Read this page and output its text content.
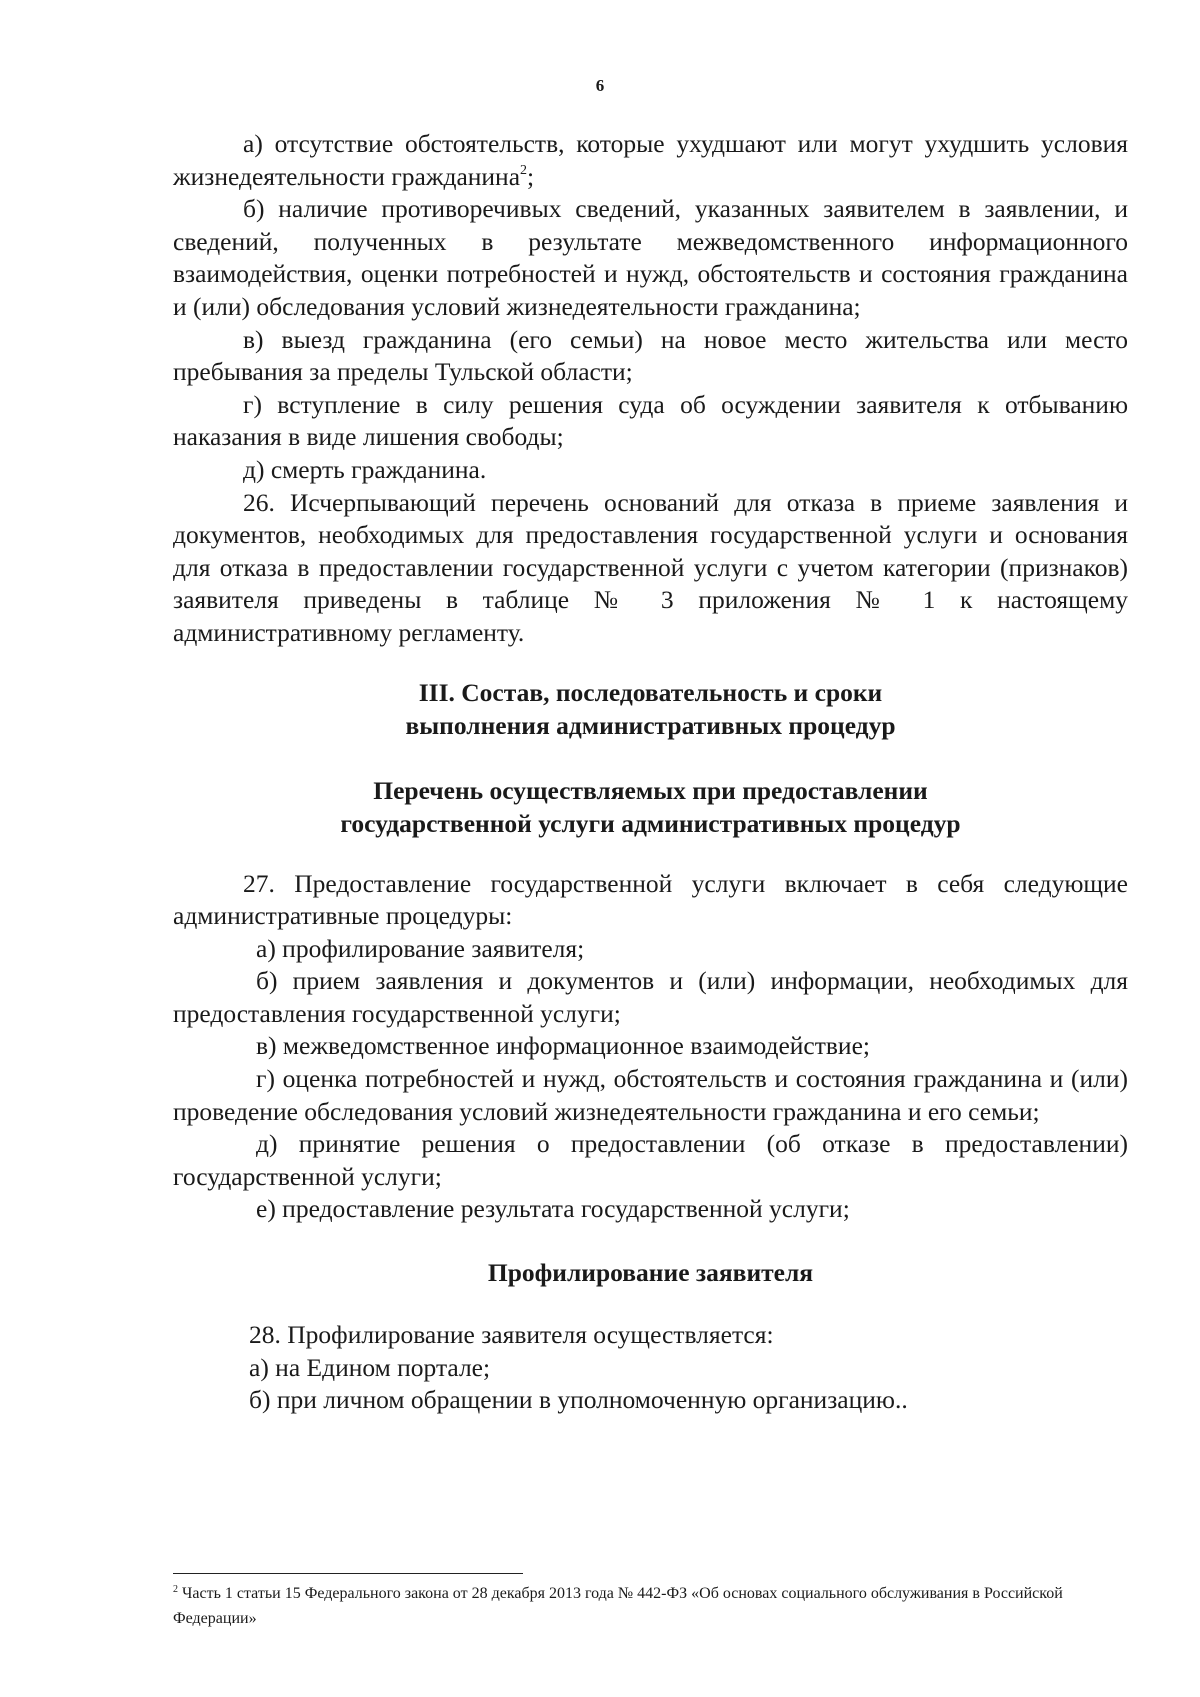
6

а) отсутствие обстоятельств, которые ухудшают или могут ухудшить условия жизнедеятельности гражданина$^2$;

б) наличие противоречивых сведений, указанных заявителем в заявлении, и сведений, полученных в результате межведомственного информационного взаимодействия, оценки потребностей и нужд, обстоятельств и состояния гражданина и (или) обследования условий жизнедеятельности гражданина;

в) выезд гражданина (его семьи) на новое место жительства или место пребывания за пределы Тульской области;

г) вступление в силу решения суда об осуждении заявителя к отбыванию наказания в виде лишения свободы;

д) смерть гражданина.

26. Исчерпывающий перечень оснований для отказа в приеме заявления и документов, необходимых для предоставления государственной услуги и основания для отказа в предоставлении государственной услуги с учетом категории (признаков) заявителя приведены в таблице № 3 приложения № 1 к настоящему административному регламенту.

III. Состав, последовательность и сроки

выполнения административных процедур

Перечень осуществляемых при предоставлении

государственной услуги административных процедур

27. Предоставление государственной услуги включает в себя следующие административные процедуры:

а) профилирование заявителя;

б) прием заявления и документов и (или) информации, необходимых для предоставления государственной услуги;

в) межведомственное информационное взаимодействие;

г) оценка потребностей и нужд, обстоятельств и состояния гражданина и (или) проведение обследования условий жизнедеятельности гражданина и его семьи;

д) принятие решения о предоставлении (об отказе в предоставлении) государственной услуги;

е) предоставление результата государственной услуги;

Профилирование заявителя

28. Профилирование заявителя осуществляется:

а) на Едином портале;

б) при личном обращении в уполномоченную организацию..

$^2$ Часть 1 статьи 15 Федерального закона от 28 декабря 2013 года № 442-ФЗ «Об основах социального обслуживания в Российской Федерации»
